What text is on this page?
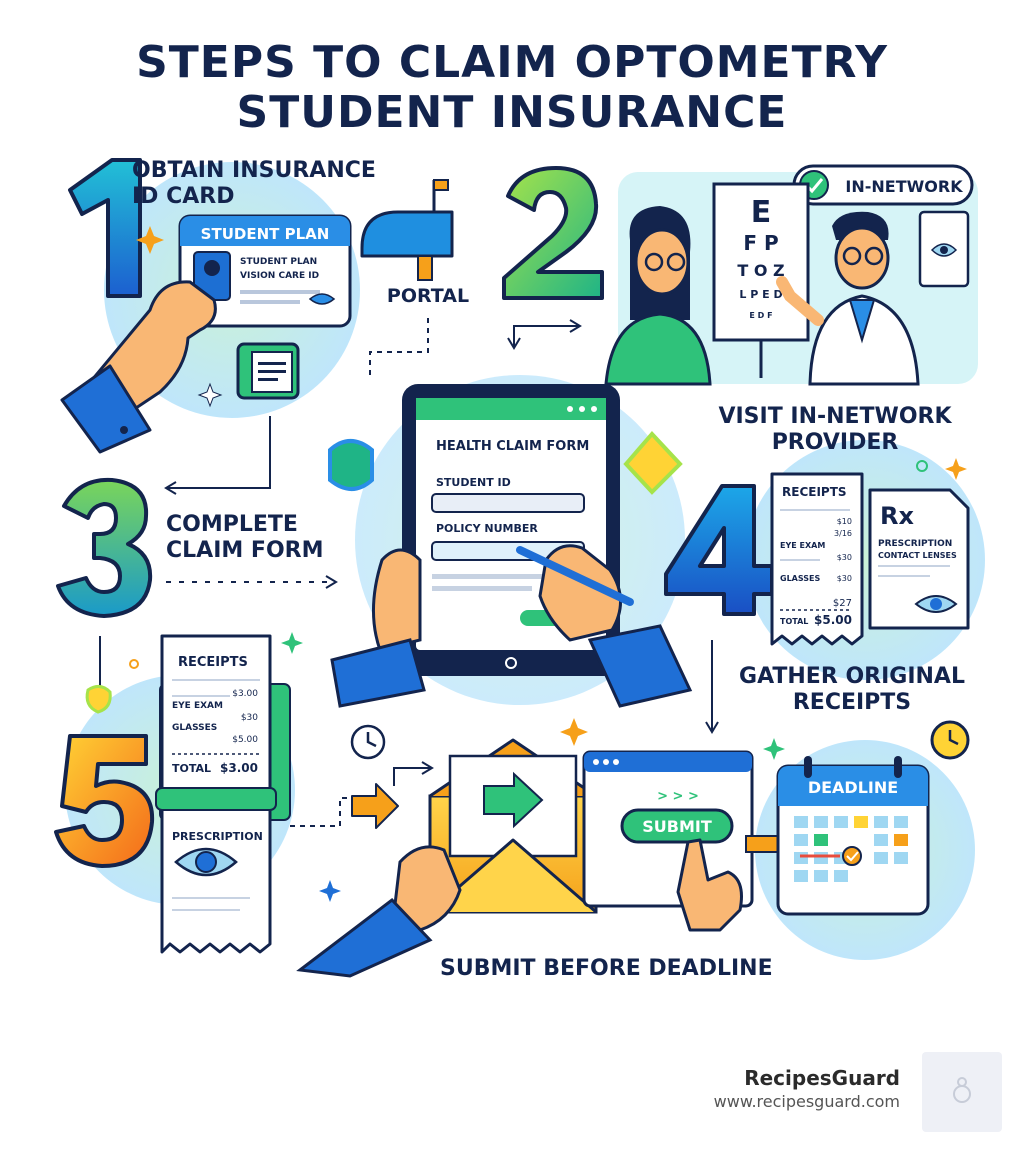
STEPS TO CLAIM OPTOMETRY
STUDENT INSURANCE
STUDENT PLAN
STUDENT PLAN
VISION CARE ID
PORTAL
IN-NETWORK
E
F P
T O Z
L P E D
E D F
HEALTH CLAIM FORM
STUDENT ID
POLICY NUMBER
RECEIPTS
$10
3/16
EYE EXAM
$30
GLASSES $30
$27
TOTAL $5.00
Rx
PRESCRIPTION
CONTACT LENSES
RECEIPTS
$3.00
EYE EXAM
$30
GLASSES
$5.00
TOTAL $3.00
PRESCRIPTION
> > >
SUBMIT
DEADLINE
OBTAIN INSURANCE
ID CARD
VISIT IN-NETWORK
PROVIDER
COMPLETE
CLAIM FORM
GATHER ORIGINAL
RECEIPTS
SUBMIT BEFORE DEADLINE
RecipesGuard
www.recipesguard.com
